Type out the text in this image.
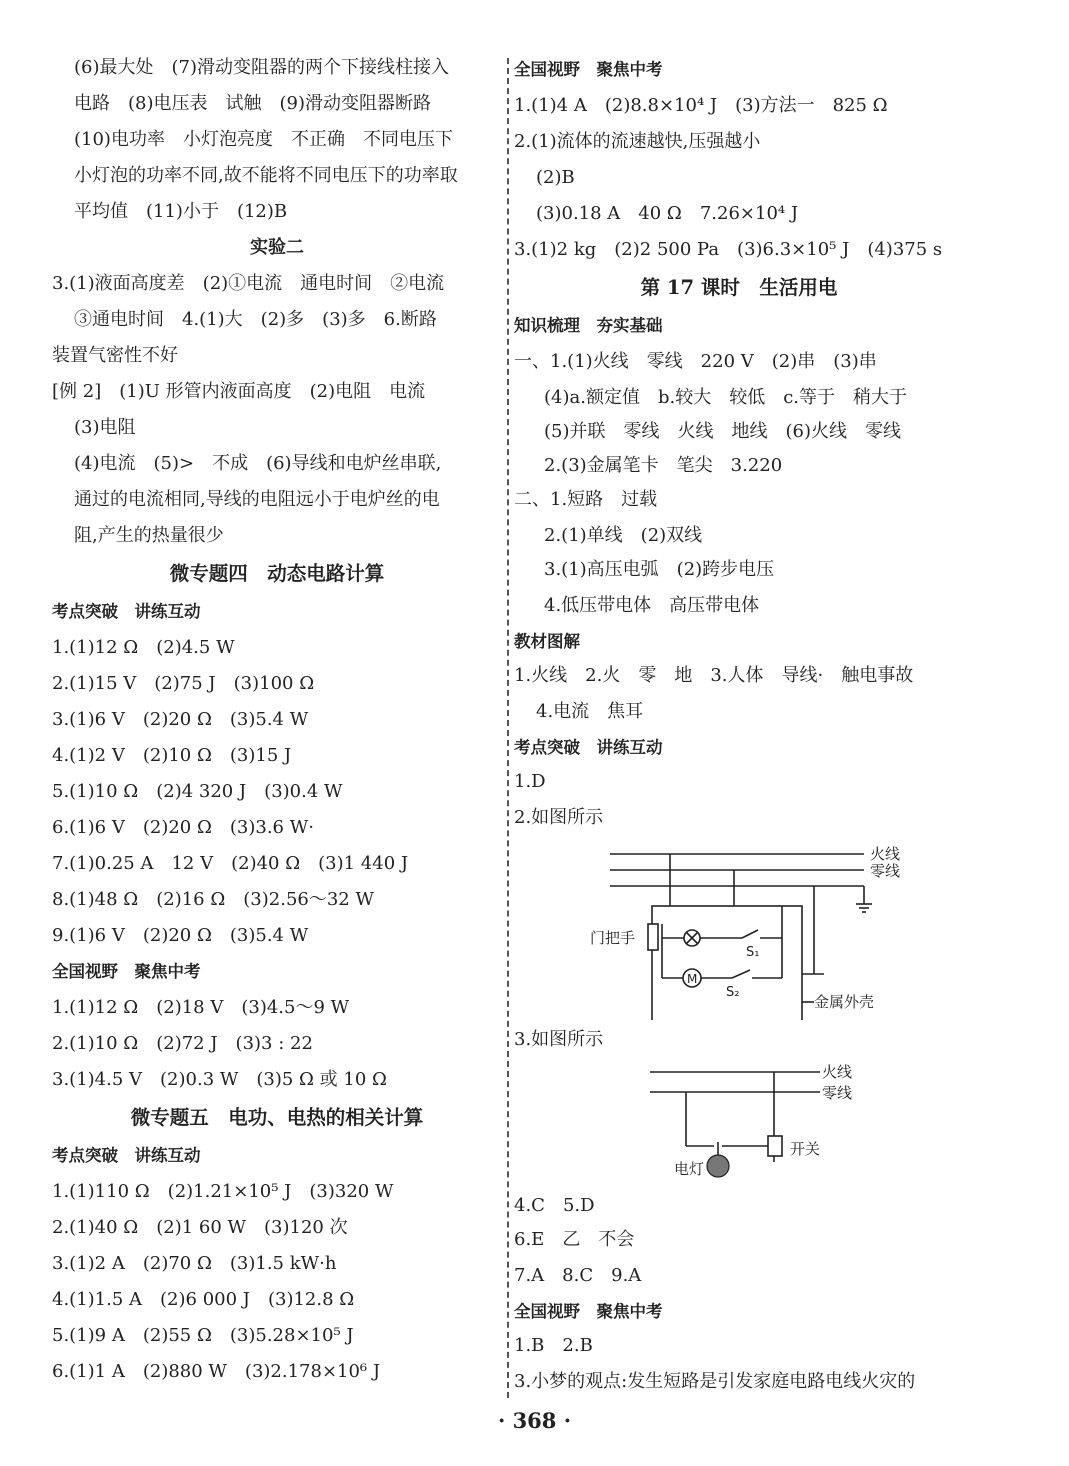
(6)最大处　(7)滑动变阻器的两个下接线柱接入
电路　(8)电压表　试触　(9)滑动变阻器断路
(10)电功率　小灯泡亮度　不正确　不同电压下
小灯泡的功率不同,故不能将不同电压下的功率取
平均值　(11)小于　(12)B
实验二
3.(1)液面高度差　(2)①电流　通电时间　②电流
③通电时间　4.(1)大　(2)多　(3)多　6.断路
装置气密性不好
[例 2]　(1)U 形管内液面高度　(2)电阻　电流
(3)电阻
(4)电流　(5)>　不成　(6)导线和电炉丝串联,
通过的电流相同,导线的电阻远小于电炉丝的电
阻,产生的热量很少
微专题四　动态电路计算
考点突破　讲练互动
1.(1)12 Ω　(2)4.5 W
2.(1)15 V　(2)75 J　(3)100 Ω
3.(1)6 V　(2)20 Ω　(3)5.4 W
4.(1)2 V　(2)10 Ω　(3)15 J
5.(1)10 Ω　(2)4 320 J　(3)0.4 W
6.(1)6 V　(2)20 Ω　(3)3.6 W·
7.(1)0.25 A　12 V　(2)40 Ω　(3)1 440 J
8.(1)48 Ω　(2)16 Ω　(3)2.56～32 W
9.(1)6 V　(2)20 Ω　(3)5.4 W
全国视野　聚焦中考
1.(1)12 Ω　(2)18 V　(3)4.5～9 W
2.(1)10 Ω　(2)72 J　(3)3 : 22
3.(1)4.5 V　(2)0.3 W　(3)5 Ω 或 10 Ω
微专题五　电功、电热的相关计算
考点突破　讲练互动
1.(1)110 Ω　(2)1.21×10⁵ J　(3)320 W
2.(1)40 Ω　(2)1 60 W　(3)120 次
3.(1)2 A　(2)70 Ω　(3)1.5 kW·h
4.(1)1.5 A　(2)6 000 J　(3)12.8 Ω
5.(1)9 A　(2)55 Ω　(3)5.28×10⁵ J
6.(1)1 A　(2)880 W　(3)2.178×10⁶ J
全国视野　聚焦中考
1.(1)4 A　(2)8.8×10⁴ J　(3)方法一　825 Ω
2.(1)流体的流速越快,压强越小
(2)B
(3)0.18 A　40 Ω　7.26×10⁴ J
3.(1)2 kg　(2)2 500 Pa　(3)6.3×10⁵ J　(4)375 s
第 17 课时　生活用电
知识梳理　夯实基础
一、1.(1)火线　零线　220 V　(2)串　(3)串
(4)a.额定值　b.较大　较低　c.等于　稍大于
(5)并联　零线　火线　地线　(6)火线　零线
2.(3)金属笔卡　笔尖　3.220
二、1.短路　过载
2.(1)单线　(2)双线
3.(1)高压电弧　(2)跨步电压
4.低压带电体　高压带电体
教材图解
1.火线　2.火　零　地　3.人体　导线·　触电事故
4.电流　焦耳
考点突破　讲练互动
1.D
2.如图所示
火线
零线
门把手
S₁
M
S₂
金属外壳
3.如图所示
火线
零线
电灯
开关
4.C　5.D
6.E　乙　不会
7.A　8.C　9.A
全国视野　聚焦中考
1.B　2.B
3.小梦的观点:发生短路是引发家庭电路电线火灾的
· 368 ·
